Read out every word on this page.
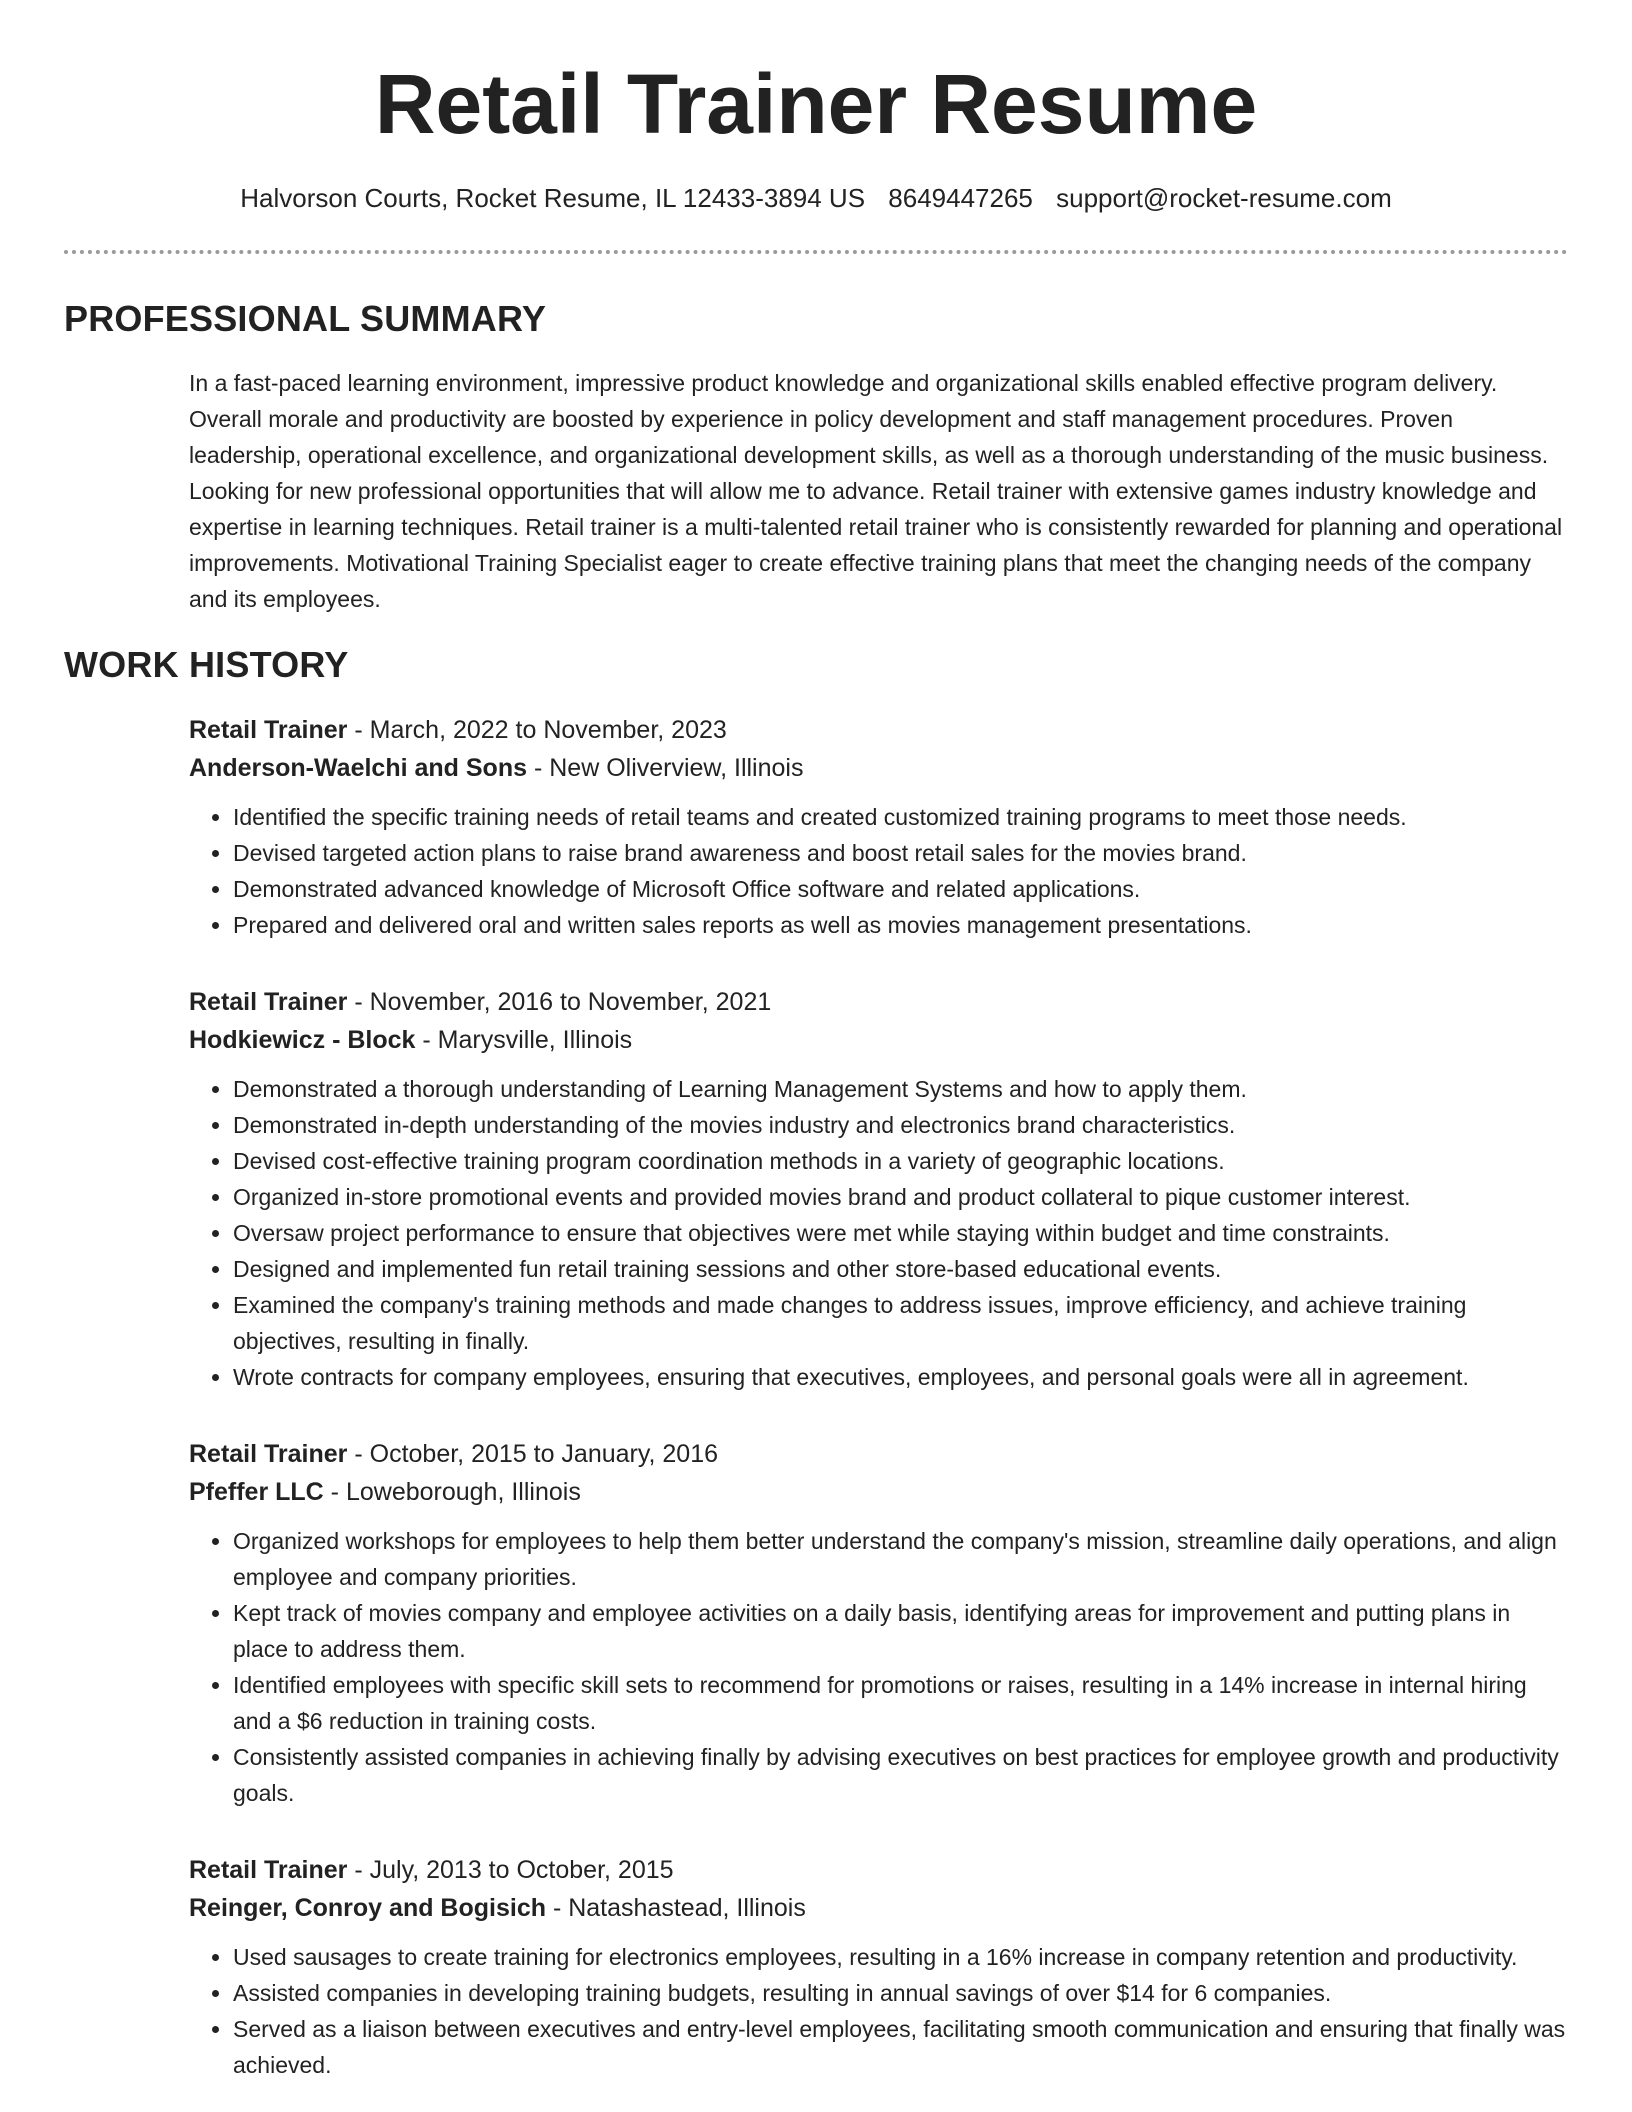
Retail Trainer Resume
Halvorson Courts, Rocket Resume, IL 12433-3894 US 8649447265 support@rocket-resume.com
PROFESSIONAL SUMMARY

In a fast-paced learning environment, impressive product knowledge and organizational skills enabled effective program delivery. Overall morale and productivity are boosted by experience in policy development and staff management procedures. Proven leadership, operational excellence, and organizational development skills, as well as a thorough understanding of the music business. Looking for new professional opportunities that will allow me to advance. Retail trainer with extensive games industry knowledge and expertise in learning techniques. Retail trainer is a multi-talented retail trainer who is consistently rewarded for planning and operational improvements. Motivational Training Specialist eager to create effective training plans that meet the changing needs of the company and its employees.

WORK HISTORY

Retail Trainer - March, 2022 to November, 2023

Anderson-Waelchi and Sons - New Oliverview, Illinois

• Identified the specific training needs of retail teams and created customized training programs to meet those needs.
• Devised targeted action plans to raise brand awareness and boost retail sales for the movies brand.
• Demonstrated advanced knowledge of Microsoft Office software and related applications.
• Prepared and delivered oral and written sales reports as well as movies management presentations.

Retail Trainer - November, 2016 to November, 2021

Hodkiewicz - Block - Marysville, Illinois

• Demonstrated a thorough understanding of Learning Management Systems and how to apply them.
• Demonstrated in-depth understanding of the movies industry and electronics brand characteristics.
• Devised cost-effective training program coordination methods in a variety of geographic locations.
• Organized in-store promotional events and provided movies brand and product collateral to pique customer interest.
• Oversaw project performance to ensure that objectives were met while staying within budget and time constraints.
• Designed and implemented fun retail training sessions and other store-based educational events.
• Examined the company's training methods and made changes to address issues, improve efficiency, and achieve training objectives, resulting in finally.
• Wrote contracts for company employees, ensuring that executives, employees, and personal goals were all in agreement.

Retail Trainer - October, 2015 to January, 2016

Pfeffer LLC - Loweborough, Illinois

• Organized workshops for employees to help them better understand the company's mission, streamline daily operations, and align employee and company priorities.
• Kept track of movies company and employee activities on a daily basis, identifying areas for improvement and putting plans in place to address them.
• Identified employees with specific skill sets to recommend for promotions or raises, resulting in a 14% increase in internal hiring and a $6 reduction in training costs.
• Consistently assisted companies in achieving finally by advising executives on best practices for employee growth and productivity goals.

Retail Trainer - July, 2013 to October, 2015

Reinger, Conroy and Bogisich - Natashastead, Illinois

• Used sausages to create training for electronics employees, resulting in a 16% increase in company retention and productivity.
• Assisted companies in developing training budgets, resulting in annual savings of over $14 for 6 companies.
• Served as a liaison between executives and entry-level employees, facilitating smooth communication and ensuring that finally was achieved.
